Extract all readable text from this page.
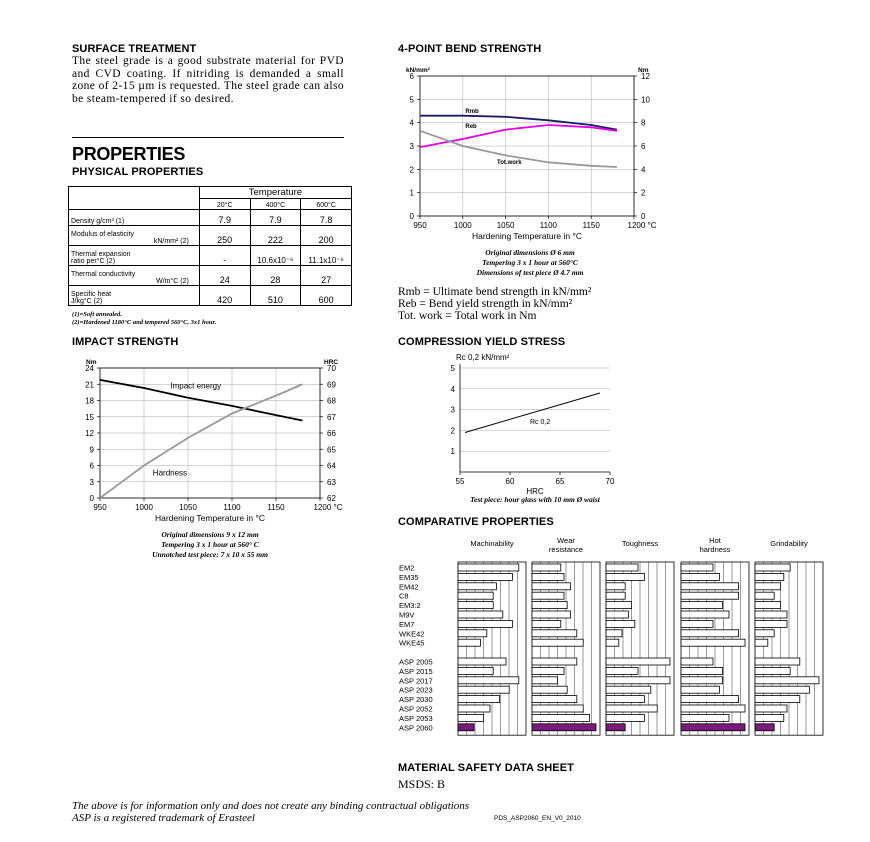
SURFACE TREATMENT
The steel grade is a good substrate material for PVD and CVD coating. If nitriding is demanded a small zone of 2-15 µm is requested. The steel grade can also be steam-tempered if so desired.
PROPERTIES
PHYSICAL PROPERTIES
	Temperature		
	20°C	400°C	600°C

Density g/cm³ (1)	7.9	7.9	7.8

Modulus of elasticity
kN/mm² (2)	250	222	200

Thermal expansion
ratio per°C (2)	-	10.6x10⁻⁶	11.1x10⁻⁶

Thermal conductivity
W/m°C (2)	24	28	27

Specific heat
J/kg°C (2)	420	510	600
(1)=Soft annealed.
(2)=Hardened 1180°C and tempered 560°C, 3x1 hour.
IMPACT STRENGTH
0
3
6
9
12
15
18
21
24
62
63
64
65
66
67
68
69
70
950	1000	1050	1100	1150	1200 °C
Nm	HRC
Hardening Temperature in °C
Impact energy
Hardness
Original dimensions 9 x 12 mm
Tempering 3 x 1 hour at 560° C
Unnotched test piece: 7 x 10 x 55 mm
4-POINT BEND STRENGTH
0
1
2
3
4
5
6
0
2
4
6
8
10
12
950	1000	1050	1100	1150	1200 °C
kN/mm²	Nm
Hardening Temperature in °C
Rmb
Reb
Tot.work
Original dimensions Ø 6 mm
Tempering 3 x 1 hour at 560°C
Dimensions of test piece Ø 4.7 mm
Rmb = Ultimate bend strength in kN/mm²
Reb = Bend yield strength in kN/mm²
Tot. work = Total work in Nm
COMPRESSION YIELD STRESS
1
2
3
4
5
55	60	65	70
Rc 0,2 kN/mm²
HRC
Rc 0,2
Test piece: hour glass with 10 mm Ø waist
COMPARATIVE PROPERTIES
Machinability	Wear
resistance
Toughness	Hot
hardness
Grindability
EM2
EM35
EM42
C8
EM3:2
M9V
EM7
WKE42
WKE45
ASP 2005
ASP 2015
ASP 2017
ASP 2023
ASP 2030
ASP 2052
ASP 2053
ASP 2060
MATERIAL SAFETY DATA SHEET
MSDS: B
The above is for information only and does not create any binding contractual obligations
ASP is a registered trademark of Erasteel	PDS_ASP2060_EN_V0_2010
